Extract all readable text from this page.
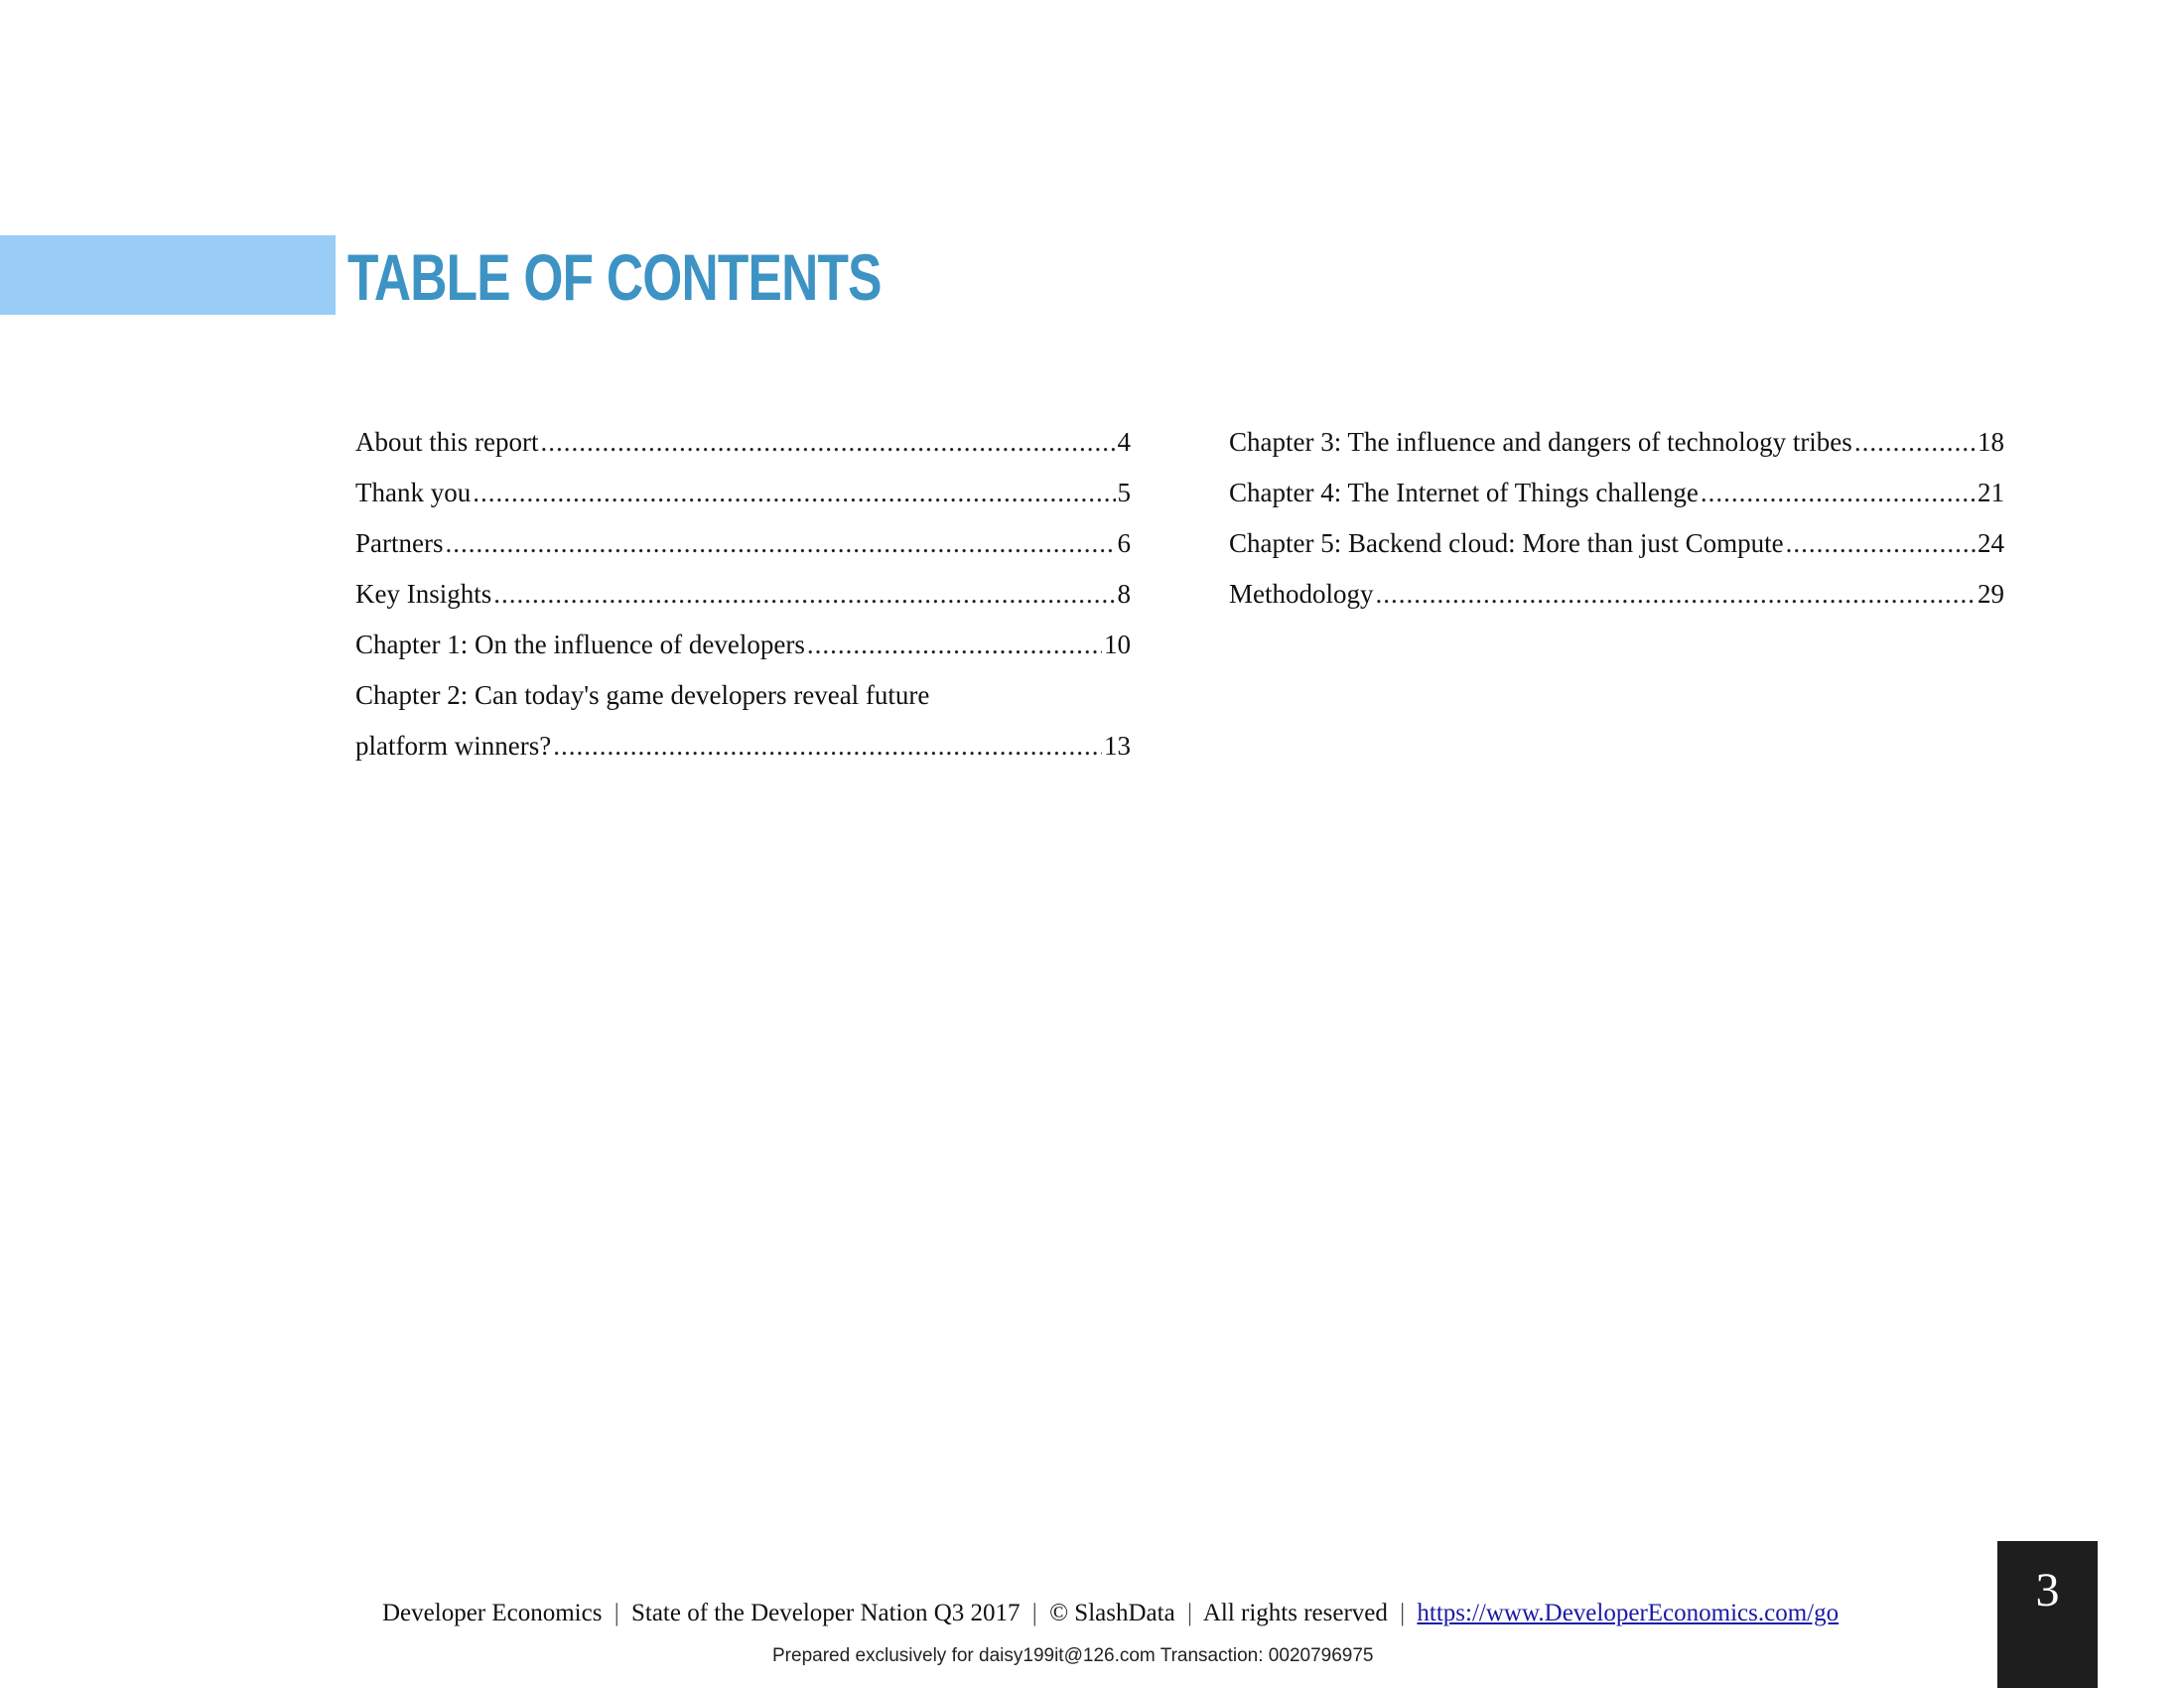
TABLE OF CONTENTS
About this report .....	4
Thank you .....	5
Partners .....	6
Key Insights .....	8
Chapter 1: On the influence of developers .....	10
Chapter 2: Can today's game developers reveal future
platform winners? .....	13
Chapter 3: The influence and dangers of technology tribes .....	18
Chapter 4: The Internet of Things challenge .....	21
Chapter 5: Backend cloud: More than just Compute .....	24
Methodology .....	29
Developer Economics | State of the Developer Nation Q3 2017 | © SlashData | All rights reserved | https://www.DeveloperEconomics.com/go
Prepared exclusively for daisy199it@126.com Transaction: 0020796975
3
